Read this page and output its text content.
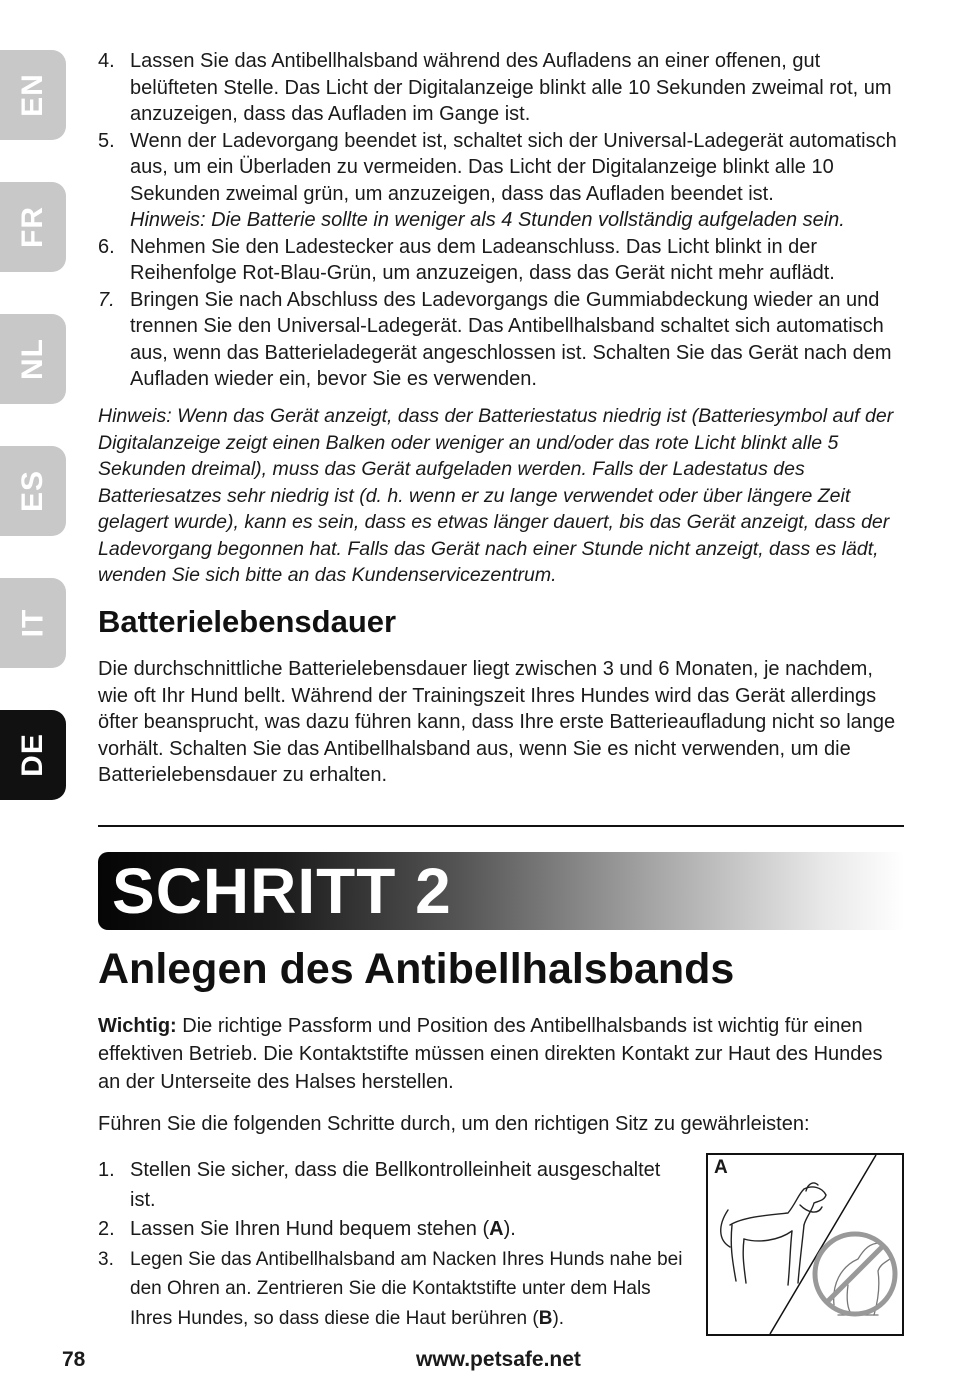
EN
FR
NL
ES
IT
DE
4. Lassen Sie das Antibellhalsband während des Aufladens an einer offenen, gut belüfteten Stelle. Das Licht der Digitalanzeige blinkt alle 10 Sekunden zweimal rot, um anzuzeigen, dass das Aufladen im Gange ist.
5. Wenn der Ladevorgang beendet ist, schaltet sich der Universal-Ladegerät automatisch aus, um ein Überladen zu vermeiden. Das Licht der Digitalanzeige blinkt alle 10 Sekunden zweimal grün, um anzuzeigen, dass das Aufladen beendet ist.
Hinweis: Die Batterie sollte in weniger als 4 Stunden vollständig aufgeladen sein.
6. Nehmen Sie den Ladestecker aus dem Ladeanschluss. Das Licht blinkt in der Reihenfolge Rot-Blau-Grün, um anzuzeigen, dass das Gerät nicht mehr auflädt.
7. Bringen Sie nach Abschluss des Ladevorgangs die Gummiabdeckung wieder an und trennen Sie den Universal-Ladegerät. Das Antibellhalsband schaltet sich automatisch aus, wenn das Batterieladegerät angeschlossen ist. Schalten Sie das Gerät nach dem Aufladen wieder ein, bevor Sie es verwenden.

Hinweis: Wenn das Gerät anzeigt, dass der Batteriestatus niedrig ist (Batteriesymbol auf der Digitalanzeige zeigt einen Balken oder weniger an und/oder das rote Licht blinkt alle 5 Sekunden dreimal), muss das Gerät aufgeladen werden. Falls der Ladestatus des Batteriesatzes sehr niedrig ist (d. h. wenn er zu lange verwendet oder über längere Zeit gelagert wurde), kann es sein, dass es etwas länger dauert, bis das Gerät anzeigt, dass der Ladevorgang begonnen hat. Falls das Gerät nach einer Stunde nicht anzeigt, dass es lädt, wenden Sie sich bitte an das Kundenservicezentrum.

Batterielebensdauer

Die durchschnittliche Batterielebensdauer liegt zwischen 3 und 6 Monaten, je nachdem, wie oft Ihr Hund bellt. Während der Trainingszeit Ihres Hundes wird das Gerät allerdings öfter beansprucht, was dazu führen kann, dass Ihre erste Batterieaufladung nicht so lange vorhält. Schalten Sie das Antibellhalsband aus, wenn Sie es nicht verwenden, um die Batterielebensdauer zu erhalten.

SCHRITT 2
Anlegen des Antibellhalsbands

Wichtig: Die richtige Passform und Position des Antibellhalsbands ist wichtig für einen effektiven Betrieb. Die Kontaktstifte müssen einen direkten Kontakt zur Haut des Hundes an der Unterseite des Halses herstellen.

Führen Sie die folgenden Schritte durch, um den richtigen Sitz zu gewährleisten:

1. Stellen Sie sicher, dass die Bellkontrolleinheit ausgeschaltet ist.
2. Lassen Sie Ihren Hund bequem stehen (A).
3. Legen Sie das Antibellhalsband am Nacken Ihres Hunds nahe bei den Ohren an. Zentrieren Sie die Kontaktstifte unter dem Hals Ihres Hundes, so dass diese die Haut berühren (B).
A
78	www.petsafe.net
